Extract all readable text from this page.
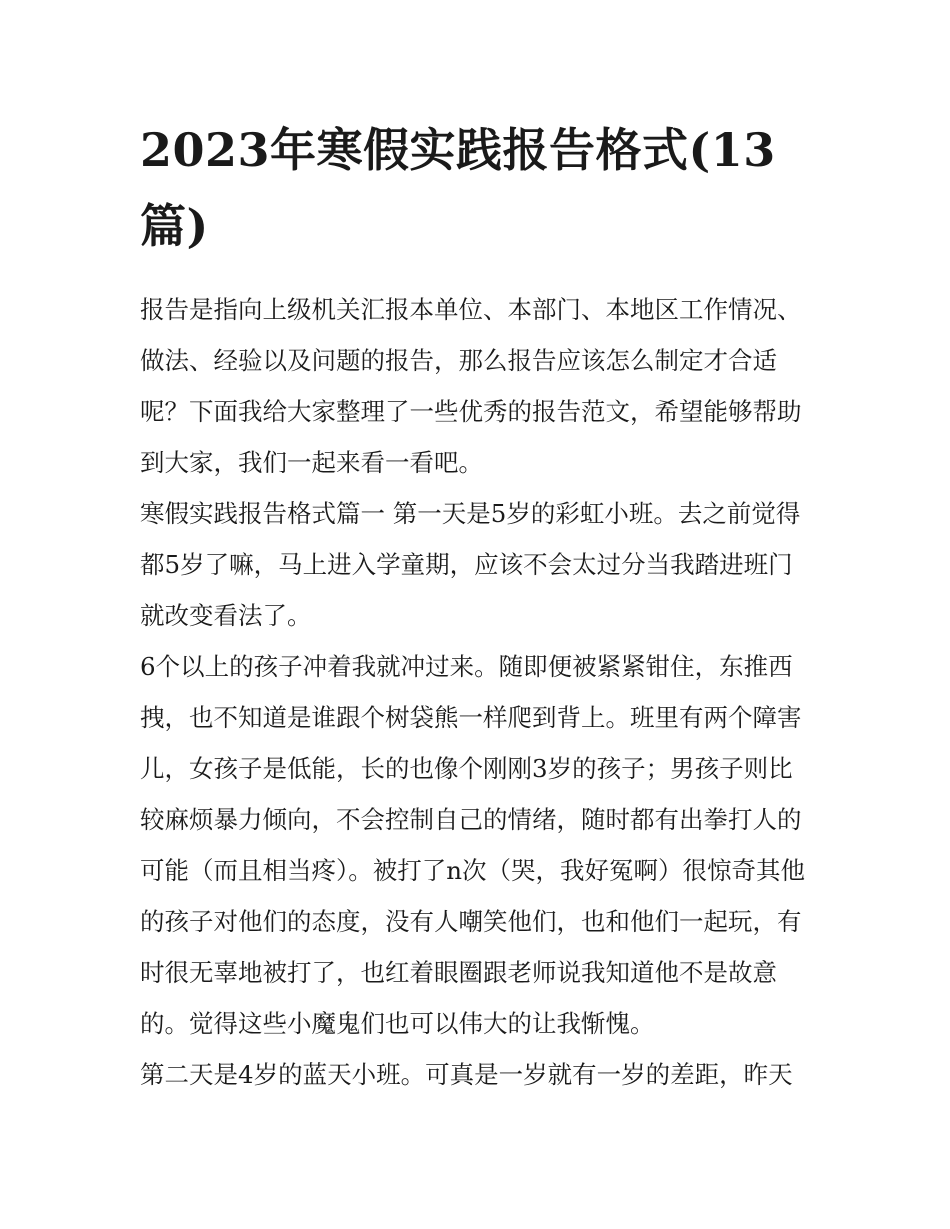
2023年寒假实践报告格式(13篇)

报告是指向上级机关汇报本单位、本部门、本地区工作情况、做法、经验以及问题的报告，那么报告应该怎么制定才合适呢？下面我给大家整理了一些优秀的报告范文，希望能够帮助到大家，我们一起来看一看吧。

寒假实践报告格式篇一 第一天是5岁的彩虹小班。去之前觉得都5岁了嘛，马上进入学童期，应该不会太过分当我踏进班门就改变看法了。

6个以上的孩子冲着我就冲过来。随即便被紧紧钳住，东推西拽，也不知道是谁跟个树袋熊一样爬到背上。班里有两个障害儿，女孩子是低能，长的也像个刚刚3岁的孩子；男孩子则比较麻烦暴力倾向，不会控制自己的情绪，随时都有出拳打人的可能（而且相当疼）。被打了n次（哭，我好冤啊）很惊奇其他的孩子对他们的态度，没有人嘲笑他们，也和他们一起玩，有时很无辜地被打了，也红着眼圈跟老师说我知道他不是故意的。觉得这些小魔鬼们也可以伟大的让我惭愧。

第二天是4岁的蓝天小班。可真是一岁就有一岁的差距，昨天
